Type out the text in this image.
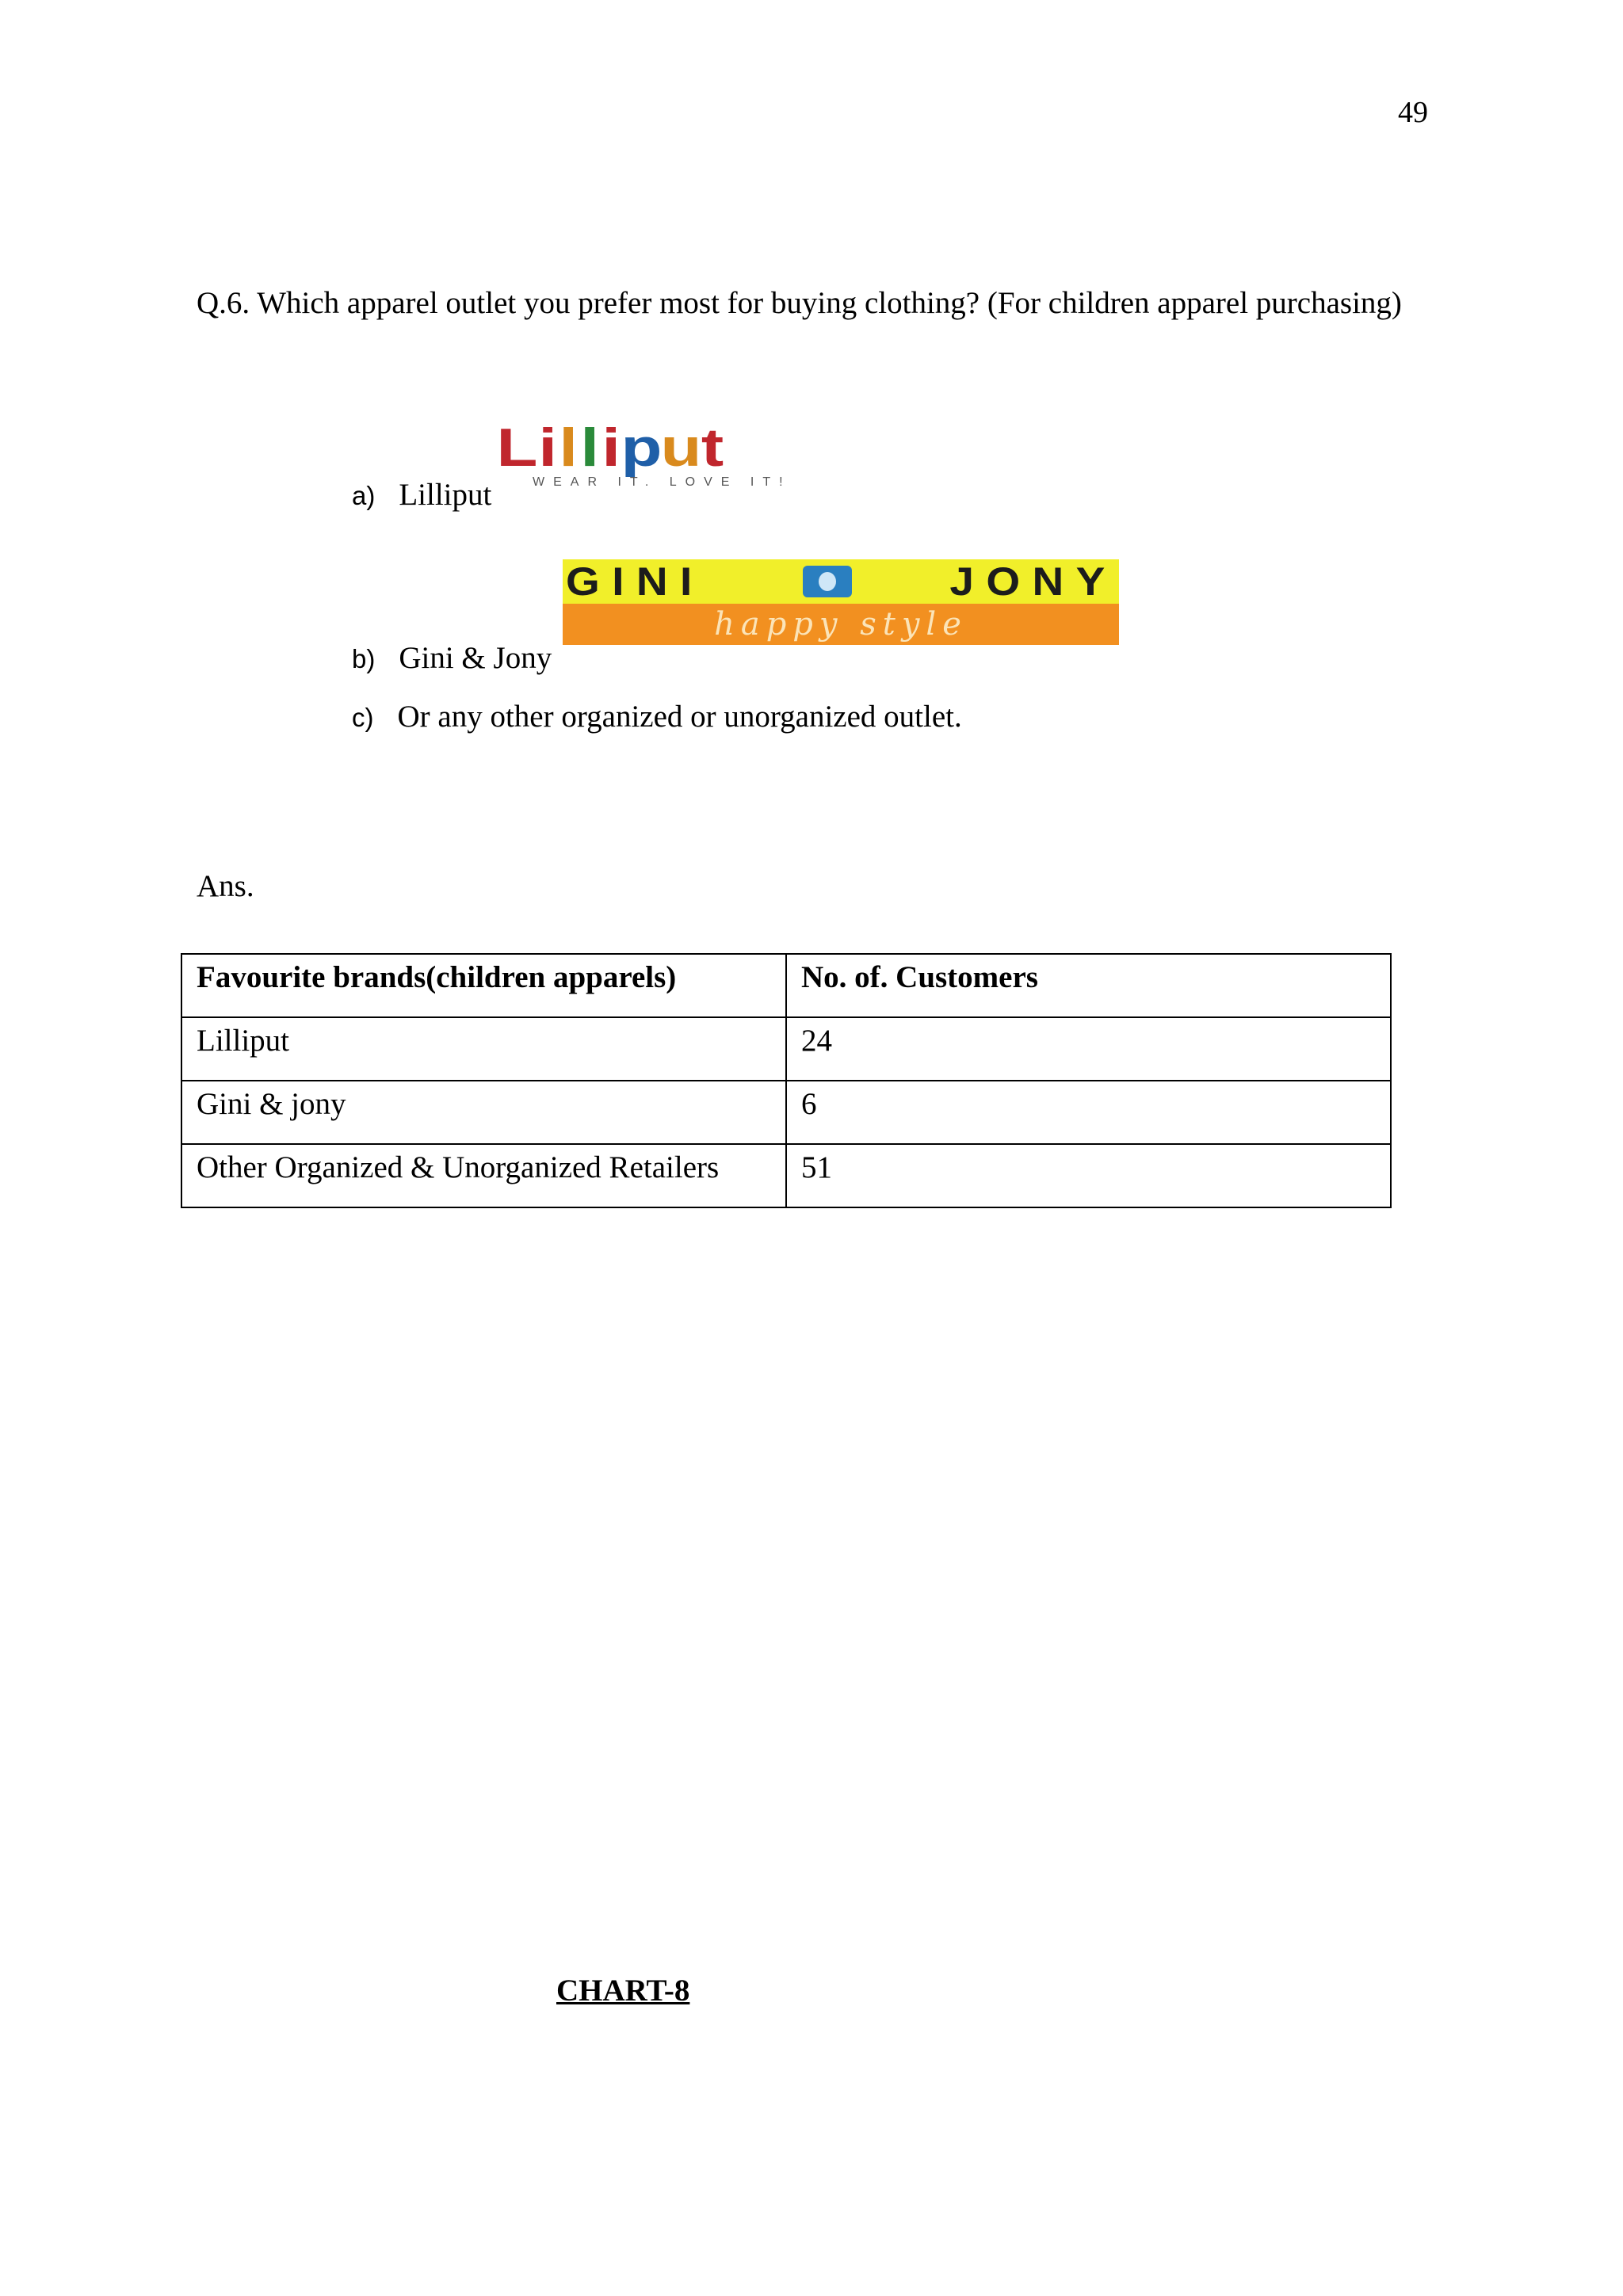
49

Q.6. Which apparel outlet you prefer most for buying clothing? (For children apparel purchasing)

a) Lilliput
L
i l l i
p
u
t
WEAR IT. LOVE IT!
GINI	JONY
happy style
b) Gini & Jony
c) Or any other organized or unorganized outlet.
Ans.
Favourite brands(children apparels)	No. of. Customers
Lilliput	24
Gini & jony	6
Other Organized & Unorganized Retailers	51
CHART-8
